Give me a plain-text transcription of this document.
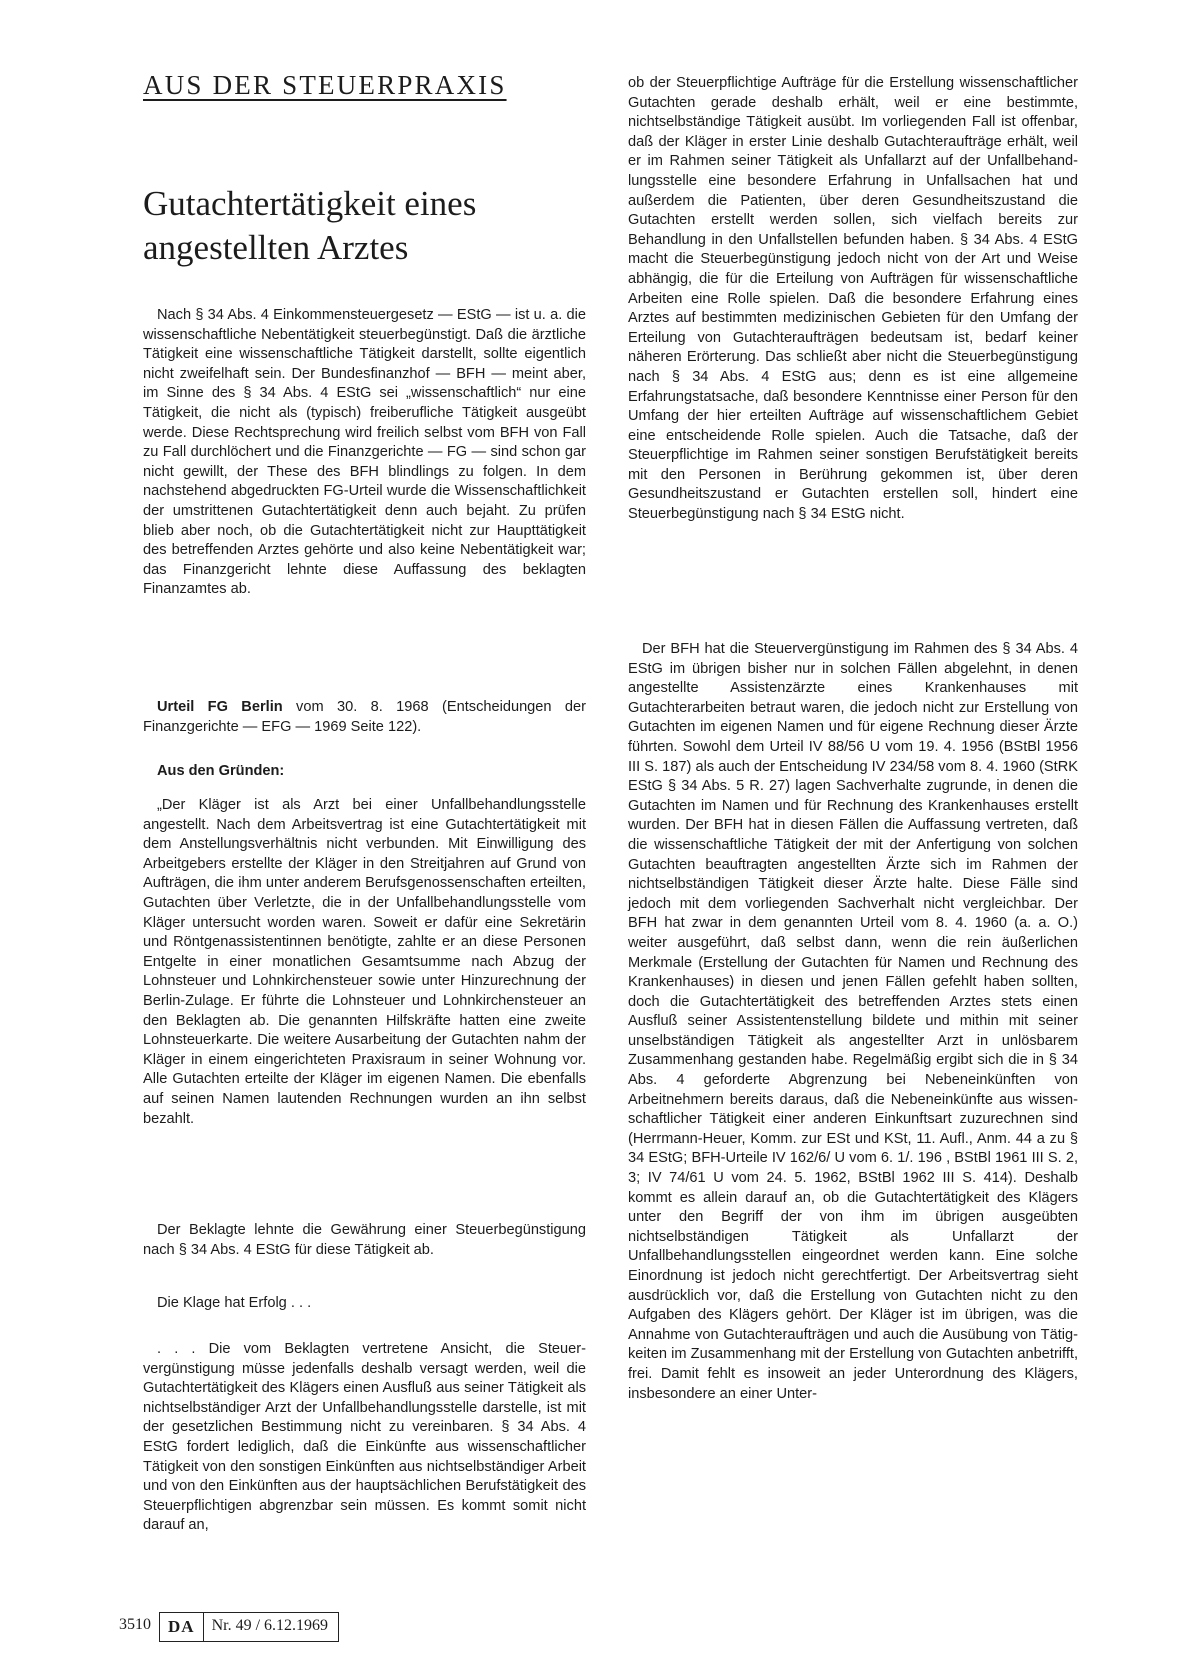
AUS DER STEUERPRAXIS
Gutachtertätigkeit eines
angestellten Arztes

Nach § 34 Abs. 4 Einkommensteuergesetz — EStG — ist u. a. die wissenschaftliche Nebentätigkeit steuerbegünstigt. Daß die ärztliche Tätigkeit eine wissenschaftliche Tätigkeit darstellt, sollte eigentlich nicht zweifelhaft sein. Der Bundesfinanzhof — BFH — meint aber, im Sinne des § 34 Abs. 4 EStG sei „wissenschaftlich“ nur eine Tätigkeit, die nicht als (typisch) freiberufliche Tätigkeit ausgeübt werde. Diese Rechtsprechung wird freilich selbst vom BFH von Fall zu Fall durchlöchert und die Finanzgerichte — FG — sind schon gar nicht gewillt, der These des BFH blindlings zu folgen. In dem nachstehend abgedruckten FG-Urteil wurde die Wissenschaftlichkeit der umstrittenen Gutachtertätigkeit denn auch bejaht. Zu prüfen blieb aber noch, ob die Gutachtertätigkeit nicht zur Haupttätigkeit des betreffenden Arztes gehörte und also keine Nebentätigkeit war; das Finanzgericht lehnte diese Auffassung des beklagten Finanzamtes ab.

Urteil FG Berlin vom 30. 8. 1968 (Entscheidungen der Finanzgerichte — EFG — 1969 Seite 122).

Aus den Gründen:

„Der Kläger ist als Arzt bei einer Unfallbehandlungsstelle angestellt. Nach dem Arbeitsvertrag ist eine Gutachtertätigkeit mit dem Anstellungsverhältnis nicht verbunden. Mit Einwilligung des Arbeitgebers erstellte der Kläger in den Streitjahren auf Grund von Aufträgen, die ihm unter anderem Berufsgenossenschaften erteilten, Gutachten über Verletzte, die in der Unfallbehandlungsstelle vom Kläger untersucht worden waren. Soweit er dafür eine Sekretärin und Röntgenassistentinnen benötigte, zahlte er an diese Personen Entgelte in einer monatlichen Gesamtsumme nach Abzug der Lohnsteuer und Lohnkirchensteuer sowie unter Hinzurechnung der Berlin-Zulage. Er führte die Lohnsteuer und Lohnkirchensteuer an den Beklagten ab. Die genannten Hilfskräfte hatten eine zweite Lohnsteuerkarte. Die weitere Ausarbeitung der Gutachten nahm der Kläger in einem eingerichteten Praxisraum in seiner Wohnung vor. Alle Gutachten erteilte der Kläger im eigenen Namen. Die ebenfalls auf seinen Namen lautenden Rechnungen wurden an ihn selbst bezahlt.

Der Beklagte lehnte die Gewährung einer Steuerbegünstigung nach § 34 Abs. 4 EStG für diese Tätigkeit ab.

Die Klage hat Erfolg . . .

. . . Die vom Beklagten vertretene Ansicht, die Steuervergünstigung müsse jedenfalls deshalb versagt werden, weil die Gutachtertätigkeit des Klägers einen Ausfluß aus seiner Tätigkeit als nichtselbständiger Arzt der Unfallbehandlungsstelle darstelle, ist mit der gesetzlichen Bestimmung nicht zu vereinbaren. § 34 Abs. 4 EStG fordert lediglich, daß die Einkünfte aus wissenschaftlicher Tätigkeit von den sonstigen Einkünften aus nichtselbständiger Arbeit und von den Einkünften aus der hauptsächlichen Berufstätigkeit des Steuerpflichtigen abgrenzbar sein müssen. Es kommt somit nicht darauf an,

ob der Steuerpflichtige Aufträge für die Erstellung wissenschaftlicher Gutachten gerade deshalb erhält, weil er eine bestimmte, nichtselbständige Tätigkeit ausübt. Im vorliegenden Fall ist offenbar, daß der Kläger in erster Linie deshalb Gutachteraufträge erhält, weil er im Rahmen seiner Tätigkeit als Unfallarzt auf der Unfallbehandlungsstelle eine besondere Erfahrung in Unfallsachen hat und außerdem die Patienten, über deren Gesundheitszustand die Gutachten erstellt werden sollen, sich vielfach bereits zur Behandlung in den Unfallstellen befunden haben. § 34 Abs. 4 EStG macht die Steuerbegünstigung jedoch nicht von der Art und Weise abhängig, die für die Erteilung von Aufträgen für wissenschaftliche Arbeiten eine Rolle spielen. Daß die besondere Erfahrung eines Arztes auf bestimmten medizinischen Gebieten für den Umfang der Erteilung von Gutachteraufträgen bedeutsam ist, bedarf keiner näheren Erörterung. Das schließt aber nicht die Steuerbegünstigung nach § 34 Abs. 4 EStG aus; denn es ist eine allgemeine Erfahrungstatsache, daß besondere Kenntnisse einer Person für den Umfang der hier erteilten Aufträge auf wissenschaftlichem Gebiet eine entscheidende Rolle spielen. Auch die Tatsache, daß der Steuerpflichtige im Rahmen seiner sonstigen Berufstätigkeit bereits mit den Personen in Berührung gekommen ist, über deren Gesundheitszustand er Gutachten erstellen soll, hindert eine Steuerbegünstigung nach § 34 EStG nicht.

Der BFH hat die Steuervergünstigung im Rahmen des § 34 Abs. 4 EStG im übrigen bisher nur in solchen Fällen abgelehnt, in denen angestellte Assistenzärzte eines Krankenhauses mit Gutachterarbeiten betraut waren, die jedoch nicht zur Erstellung von Gutachten im eigenen Namen und für eigene Rechnung dieser Ärzte führten. Sowohl dem Urteil IV 88/56 U vom 19. 4. 1956 (BStBl 1956 III S. 187) als auch der Entscheidung IV 234/58 vom 8. 4. 1960 (StRK EStG § 34 Abs. 5 R. 27) lagen Sachverhalte zugrunde, in denen die Gutachten im Namen und für Rechnung des Krankenhauses erstellt wurden. Der BFH hat in diesen Fällen die Auffassung vertreten, daß die wissenschaftliche Tätigkeit der mit der Anfertigung von solchen Gutachten beauftragten angestellten Ärzte sich im Rahmen der nichtselbständigen Tätigkeit dieser Ärzte halte. Diese Fälle sind jedoch mit dem vorliegenden Sachverhalt nicht vergleichbar. Der BFH hat zwar in dem genannten Urteil vom 8. 4. 1960 (a. a. O.) weiter ausgeführt, daß selbst dann, wenn die rein äußerlichen Merkmale (Erstellung der Gutachten für Namen und Rechnung des Krankenhauses) in diesen und jenen Fällen gefehlt haben sollten, doch die Gutachtertätigkeit des betreffenden Arztes stets einen Ausfluß seiner Assistentenstellung bildete und mithin mit seiner unselbständigen Tätigkeit als angestellter Arzt in unlösbarem Zusammenhang gestanden habe. Regelmäßig ergibt sich die in § 34 Abs. 4 geforderte Abgrenzung bei Nebeneinkünften von Arbeitnehmern bereits daraus, daß die Nebeneinkünfte aus wissenschaftlicher Tätigkeit einer anderen Einkunftsart zuzurechnen sind (Herrmann-Heuer, Komm. zur ESt und KSt, 11. Aufl., Anm. 44 a zu § 34 EStG; BFH-Urteile IV 162/6/ U vom 6. 1/. 196 , BStBl 1961 III S. 2, 3; IV 74/61 U vom 24. 5. 1962, BStBl 1962 III S. 414). Deshalb kommt es allein darauf an, ob die Gutachtertätigkeit des Klägers unter den Begriff der von ihm im übrigen ausgeübten nichtselbständigen Tätigkeit als Unfallarzt der Unfallbehandlungsstellen eingeordnet werden kann. Eine solche Einordnung ist jedoch nicht gerechtfertigt. Der Arbeitsvertrag sieht ausdrücklich vor, daß die Erstellung von Gutachten nicht zu den Aufgaben des Klägers gehört. Der Kläger ist im übrigen, was die Annahme von Gutachteraufträgen und auch die Ausübung von Tätigkeiten im Zusammenhang mit der Erstellung von Gutachten anbetrifft, frei. Damit fehlt es insoweit an jeder Unterordnung des Klägers, insbesondere an einer Unter-

3510	DA	Nr. 49 / 6.12.1969
